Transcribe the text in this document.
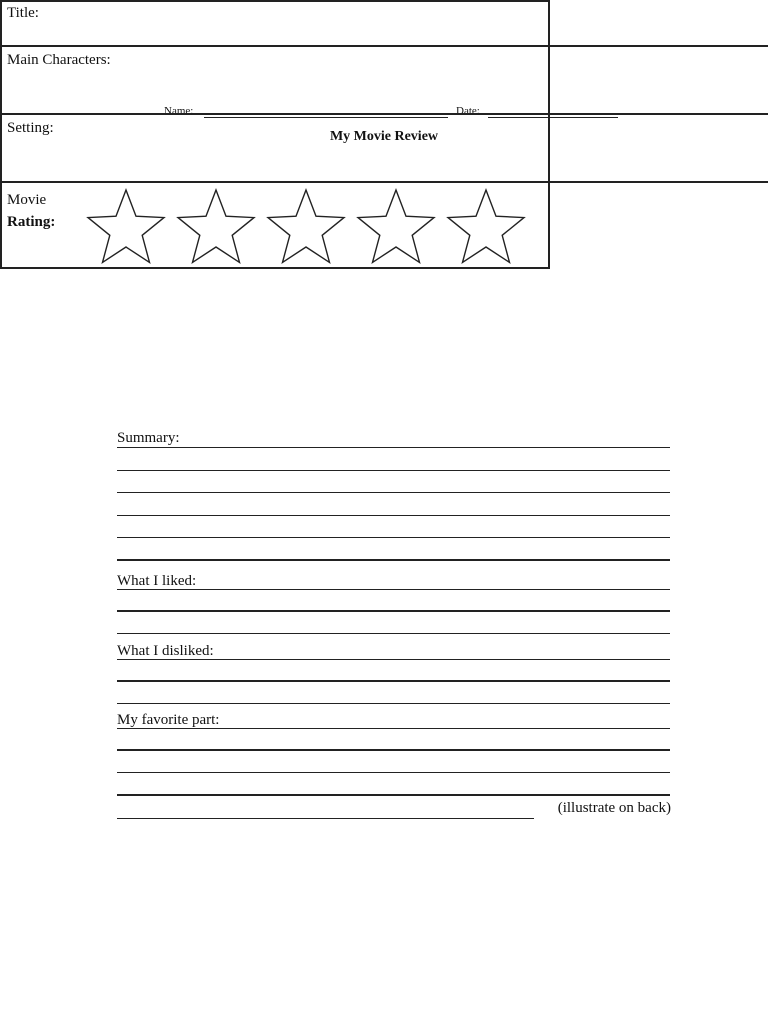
Name:	Date:
My Movie Review
Title:
Main Characters:
Setting:
Movie
Rating:
Summary:
What I liked:
What I disliked:
My favorite part:
(illustrate on back)
